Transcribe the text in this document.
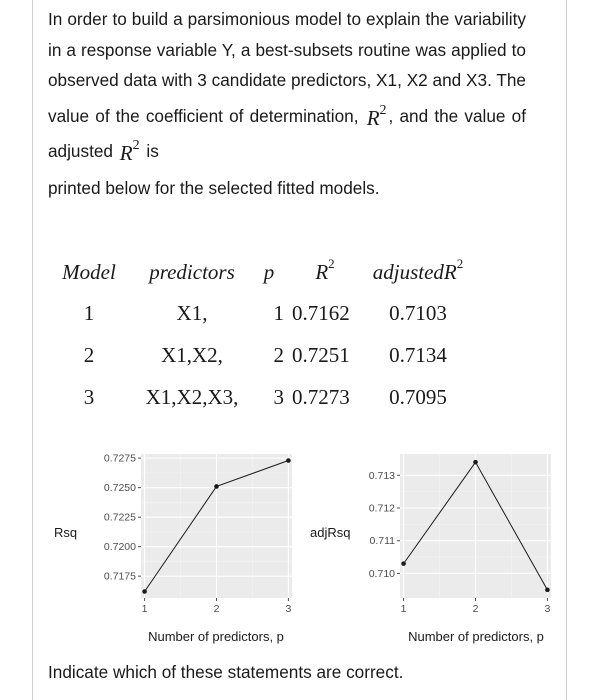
In order to build a parsimonious model to explain the variability in a response variable Y, a best-subsets routine was applied to observed data with 3 candidate predictors, X1, X2 and X3. The value of the coefficient of determination, $R^2$ , and the value of adjusted $R^2$ is
printed below for the selected fitted models.
Model	predictors	p	$R^2$	adjustedR$^2$
1	X1,	1	0.7162	0.7103
2	X1,X2,	2	0.7251	0.7134
3	X1,X2,X3,	3	0.7273	0.7095
Rsq
0.7175
0.7200
0.7225
0.7250
0.7275
1	2	3
Number of predictors, p
adjRsq
0.710
0.711
0.712
0.713
1	2	3
Number of predictors, p
Indicate which of these statements are correct.
